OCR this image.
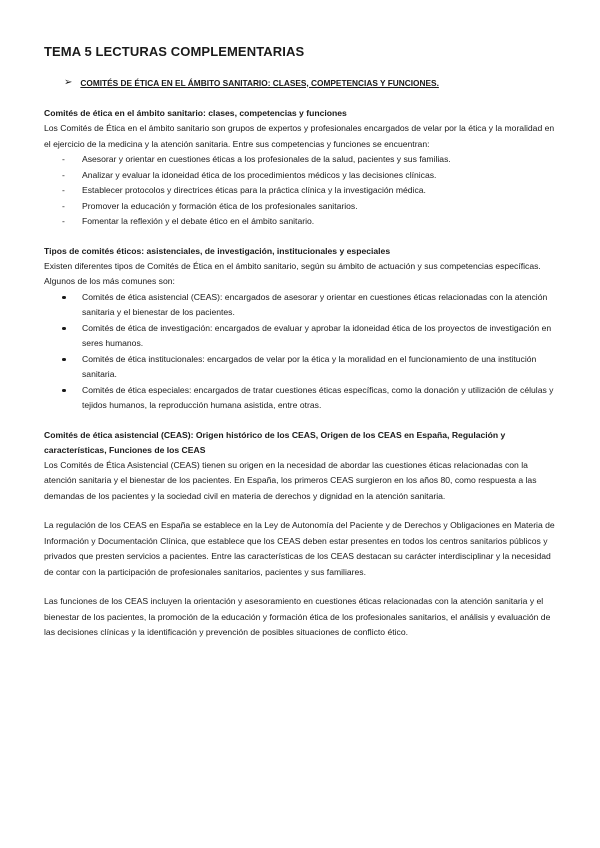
TEMA 5 LECTURAS COMPLEMENTARIAS
➢ COMITÉS DE ÉTICA EN EL ÁMBITO SANITARIO: CLASES, COMPETENCIAS Y FUNCIONES.
Comités de ética en el ámbito sanitario: clases, competencias y funciones

Los Comités de Ética en el ámbito sanitario son grupos de expertos y profesionales encargados de velar por la ética y la moralidad en el ejercicio de la medicina y la atención sanitaria. Entre sus competencias y funciones se encuentran:

- Asesorar y orientar en cuestiones éticas a los profesionales de la salud, pacientes y sus familias.
- Analizar y evaluar la idoneidad ética de los procedimientos médicos y las decisiones clínicas.
- Establecer protocolos y directrices éticas para la práctica clínica y la investigación médica.
- Promover la educación y formación ética de los profesionales sanitarios.
- Fomentar la reflexión y el debate ético en el ámbito sanitario.
Tipos de comités éticos: asistenciales, de investigación, institucionales y especiales

Existen diferentes tipos de Comités de Ética en el ámbito sanitario, según su ámbito de actuación y sus competencias específicas. Algunos de los más comunes son:

Comités de ética asistencial (CEAS): encargados de asesorar y orientar en cuestiones éticas relacionadas con la atención sanitaria y el bienestar de los pacientes.
Comités de ética de investigación: encargados de evaluar y aprobar la idoneidad ética de los proyectos de investigación en seres humanos.
Comités de ética institucionales: encargados de velar por la ética y la moralidad en el funcionamiento de una institución sanitaria.
Comités de ética especiales: encargados de tratar cuestiones éticas específicas, como la donación y utilización de células y tejidos humanos, la reproducción humana asistida, entre otras.
Comités de ética asistencial (CEAS): Origen histórico de los CEAS, Origen de los CEAS en España, Regulación y características, Funciones de los CEAS

Los Comités de Ética Asistencial (CEAS) tienen su origen en la necesidad de abordar las cuestiones éticas relacionadas con la atención sanitaria y el bienestar de los pacientes. En España, los primeros CEAS surgieron en los años 80, como respuesta a las demandas de los pacientes y la sociedad civil en materia de derechos y dignidad en la atención sanitaria.

La regulación de los CEAS en España se establece en la Ley de Autonomía del Paciente y de Derechos y Obligaciones en Materia de Información y Documentación Clínica, que establece que los CEAS deben estar presentes en todos los centros sanitarios públicos y privados que presten servicios a pacientes. Entre las características de los CEAS destacan su carácter interdisciplinar y la necesidad de contar con la participación de profesionales sanitarios, pacientes y sus familiares.

Las funciones de los CEAS incluyen la orientación y asesoramiento en cuestiones éticas relacionadas con la atención sanitaria y el bienestar de los pacientes, la promoción de la educación y formación ética de los profesionales sanitarios, el análisis y evaluación de las decisiones clínicas y la identificación y prevención de posibles situaciones de conflicto ético.
